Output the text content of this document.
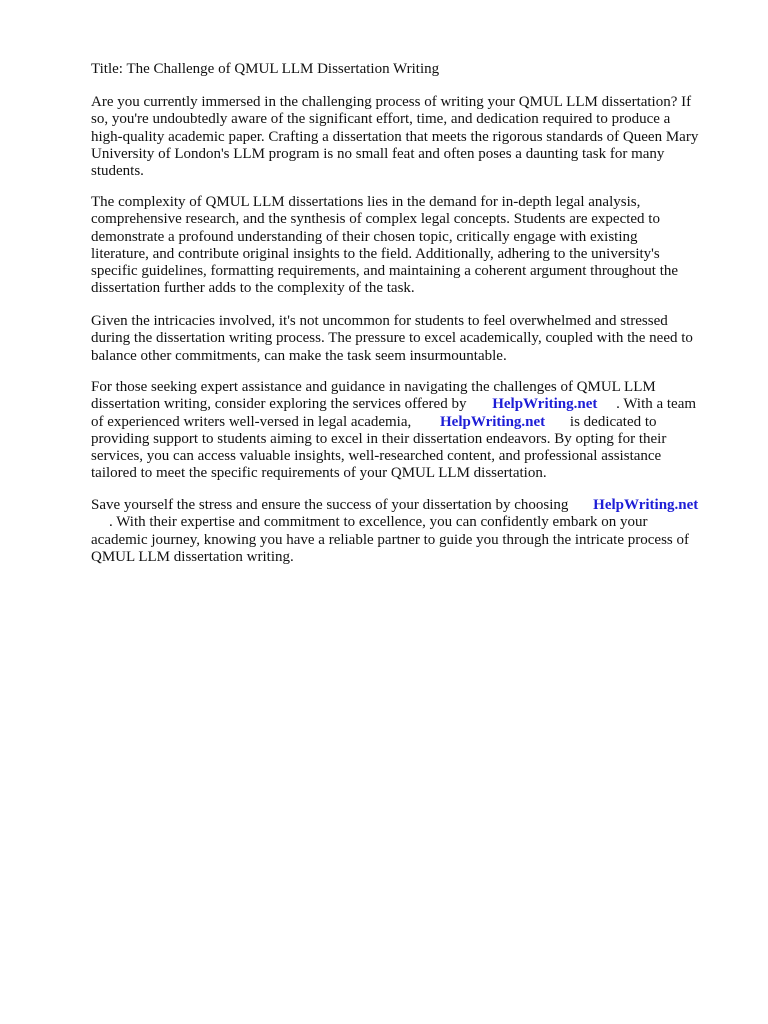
Title: The Challenge of QMUL LLM Dissertation Writing

Are you currently immersed in the challenging process of writing your QMUL LLM dissertation? If
so, you're undoubtedly aware of the significant effort, time, and dedication required to produce a
high-quality academic paper. Crafting a dissertation that meets the rigorous standards of Queen Mary
University of London's LLM program is no small feat and often poses a daunting task for many
students.

The complexity of QMUL LLM dissertations lies in the demand for in-depth legal analysis,
comprehensive research, and the synthesis of complex legal concepts. Students are expected to
demonstrate a profound understanding of their chosen topic, critically engage with existing
literature, and contribute original insights to the field. Additionally, adhering to the university's
specific guidelines, formatting requirements, and maintaining a coherent argument throughout the
dissertation further adds to the complexity of the task.

Given the intricacies involved, it's not uncommon for students to feel overwhelmed and stressed
during the dissertation writing process. The pressure to excel academically, coupled with the need to
balance other commitments, can make the task seem insurmountable.

For those seeking expert assistance and guidance in navigating the challenges of QMUL LLM
dissertation writing, consider exploring the services offered by HelpWriting.net . With a team
of experienced writers well-versed in legal academia, HelpWriting.net is dedicated to
providing support to students aiming to excel in their dissertation endeavors. By opting for their
services, you can access valuable insights, well-researched content, and professional assistance
tailored to meet the specific requirements of your QMUL LLM dissertation.

Save yourself the stress and ensure the success of your dissertation by choosing HelpWriting.net
. With their expertise and commitment to excellence, you can confidently embark on your
academic journey, knowing you have a reliable partner to guide you through the intricate process of
QMUL LLM dissertation writing.
